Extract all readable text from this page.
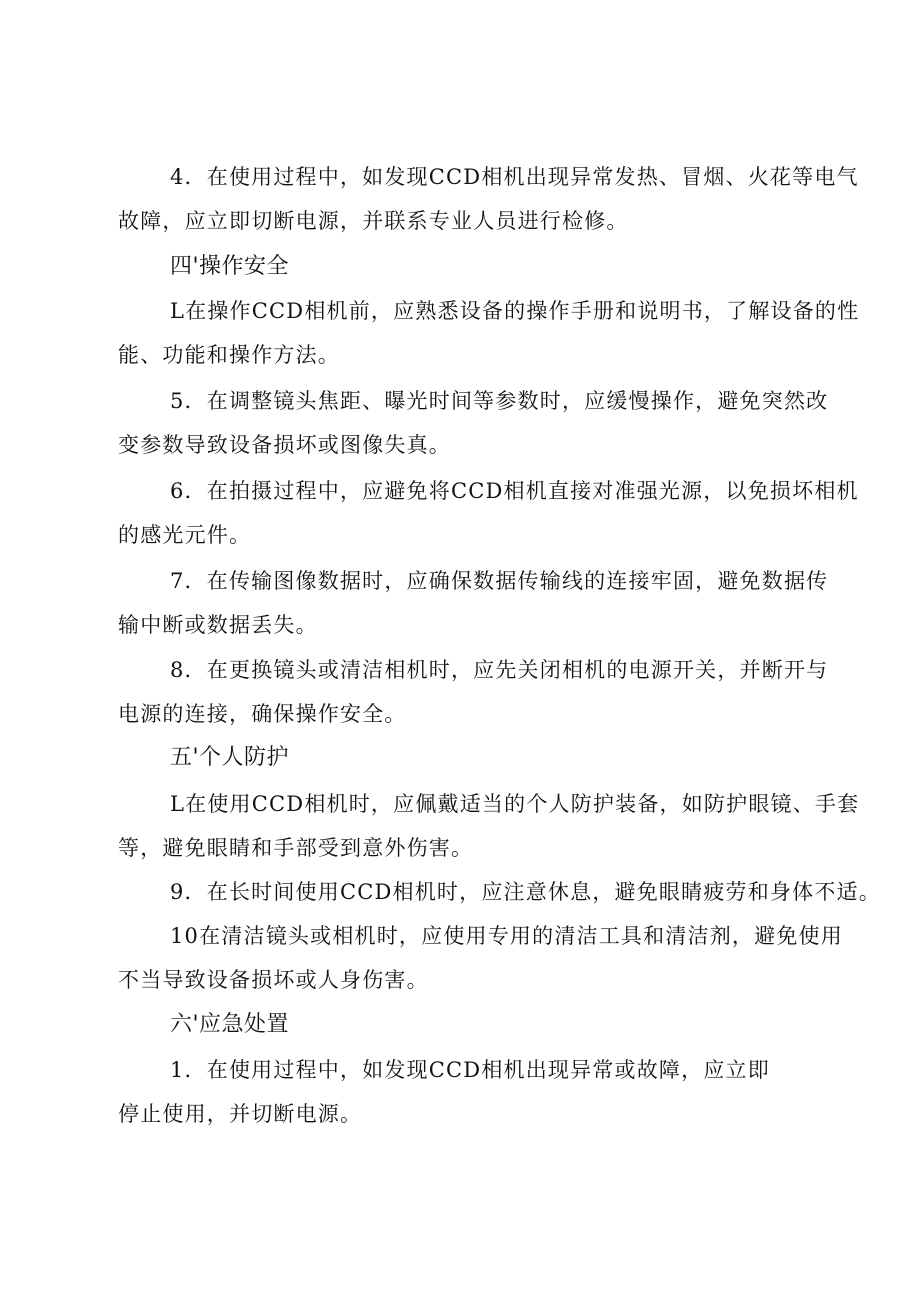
4．在使用过程中，如发现CCD相机出现异常发热、冒烟、火花等电气
故障，应立即切断电源，并联系专业人员进行检修。
四'操作安全
L在操作CCD相机前，应熟悉设备的操作手册和说明书，了解设备的性
能、功能和操作方法。
5．在调整镜头焦距、曝光时间等参数时，应缓慢操作，避免突然改
变参数导致设备损坏或图像失真。
6．在拍摄过程中，应避免将CCD相机直接对准强光源，以免损坏相机
的感光元件。
7．在传输图像数据时，应确保数据传输线的连接牢固，避免数据传
输中断或数据丢失。
8．在更换镜头或清洁相机时，应先关闭相机的电源开关，并断开与
电源的连接，确保操作安全。
五'个人防护
L在使用CCD相机时，应佩戴适当的个人防护装备，如防护眼镜、手套
等，避免眼睛和手部受到意外伤害。
9．在长时间使用CCD相机时，应注意休息，避免眼睛疲劳和身体不适。
10在清洁镜头或相机时，应使用专用的清洁工具和清洁剂，避免使用
不当导致设备损坏或人身伤害。
六'应急处置
1．在使用过程中，如发现CCD相机出现异常或故障，应立即
停止使用，并切断电源。
